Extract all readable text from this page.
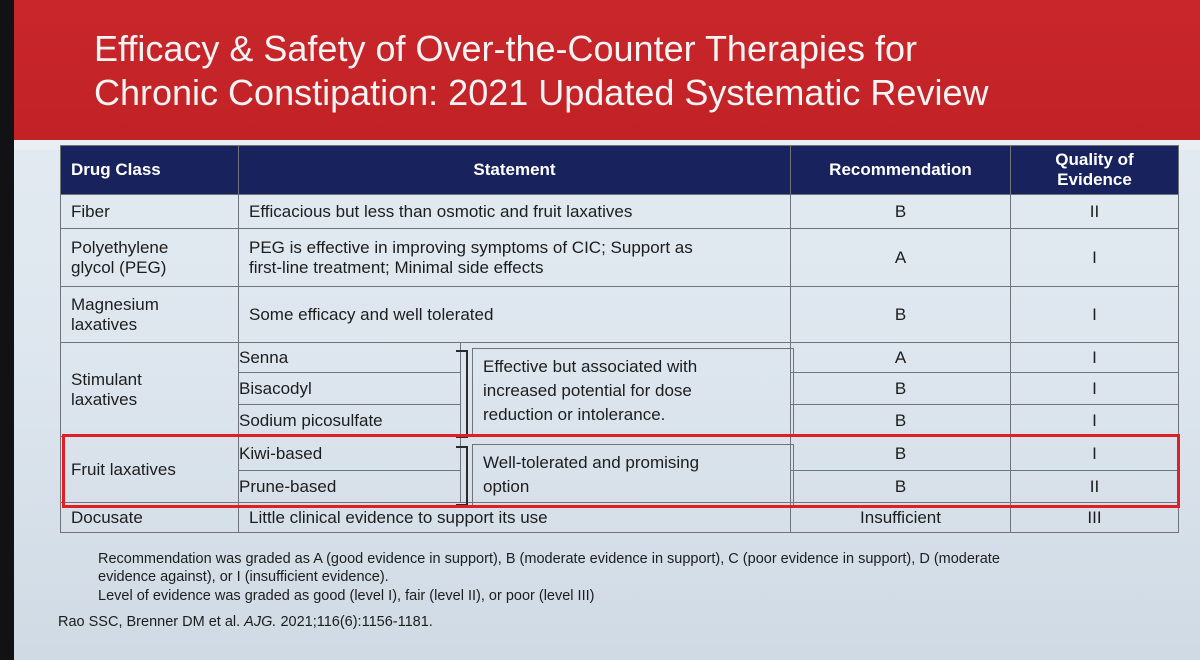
Efficacy & Safety of Over-the-Counter Therapies for
Chronic Constipation: 2021 Updated Systematic Review
Drug Class	Statement		Recommendation	Quality of
Evidence
Fiber	Efficacious but less than osmotic and fruit laxatives		B	II
Polyethylene
glycol (PEG)	PEG is effective in improving symptoms of CIC; Support as
first-line treatment; Minimal side effects		A	I
Magnesium
laxatives	Some efficacy and well tolerated		B	I
Stimulant
laxatives	Senna		A	I
	Bisacodyl		B	I
	Sodium picosulfate		B	I
Fruit laxatives	Kiwi-based		B	I
	Prune-based		B	II
Docusate	Little clinical evidence to support its use		Insufficient	III
Effective but associated with
increased potential for dose
reduction or intolerance.
Well-tolerated and promising
option
Recommendation was graded as A (good evidence in support), B (moderate evidence in support), C (poor evidence in support), D (moderate
evidence against), or I (insufficient evidence).
Level of evidence was graded as good (level I), fair (level II), or poor (level III)
Rao SSC, Brenner DM et al. AJG. 2021;116(6):1156-1181.
